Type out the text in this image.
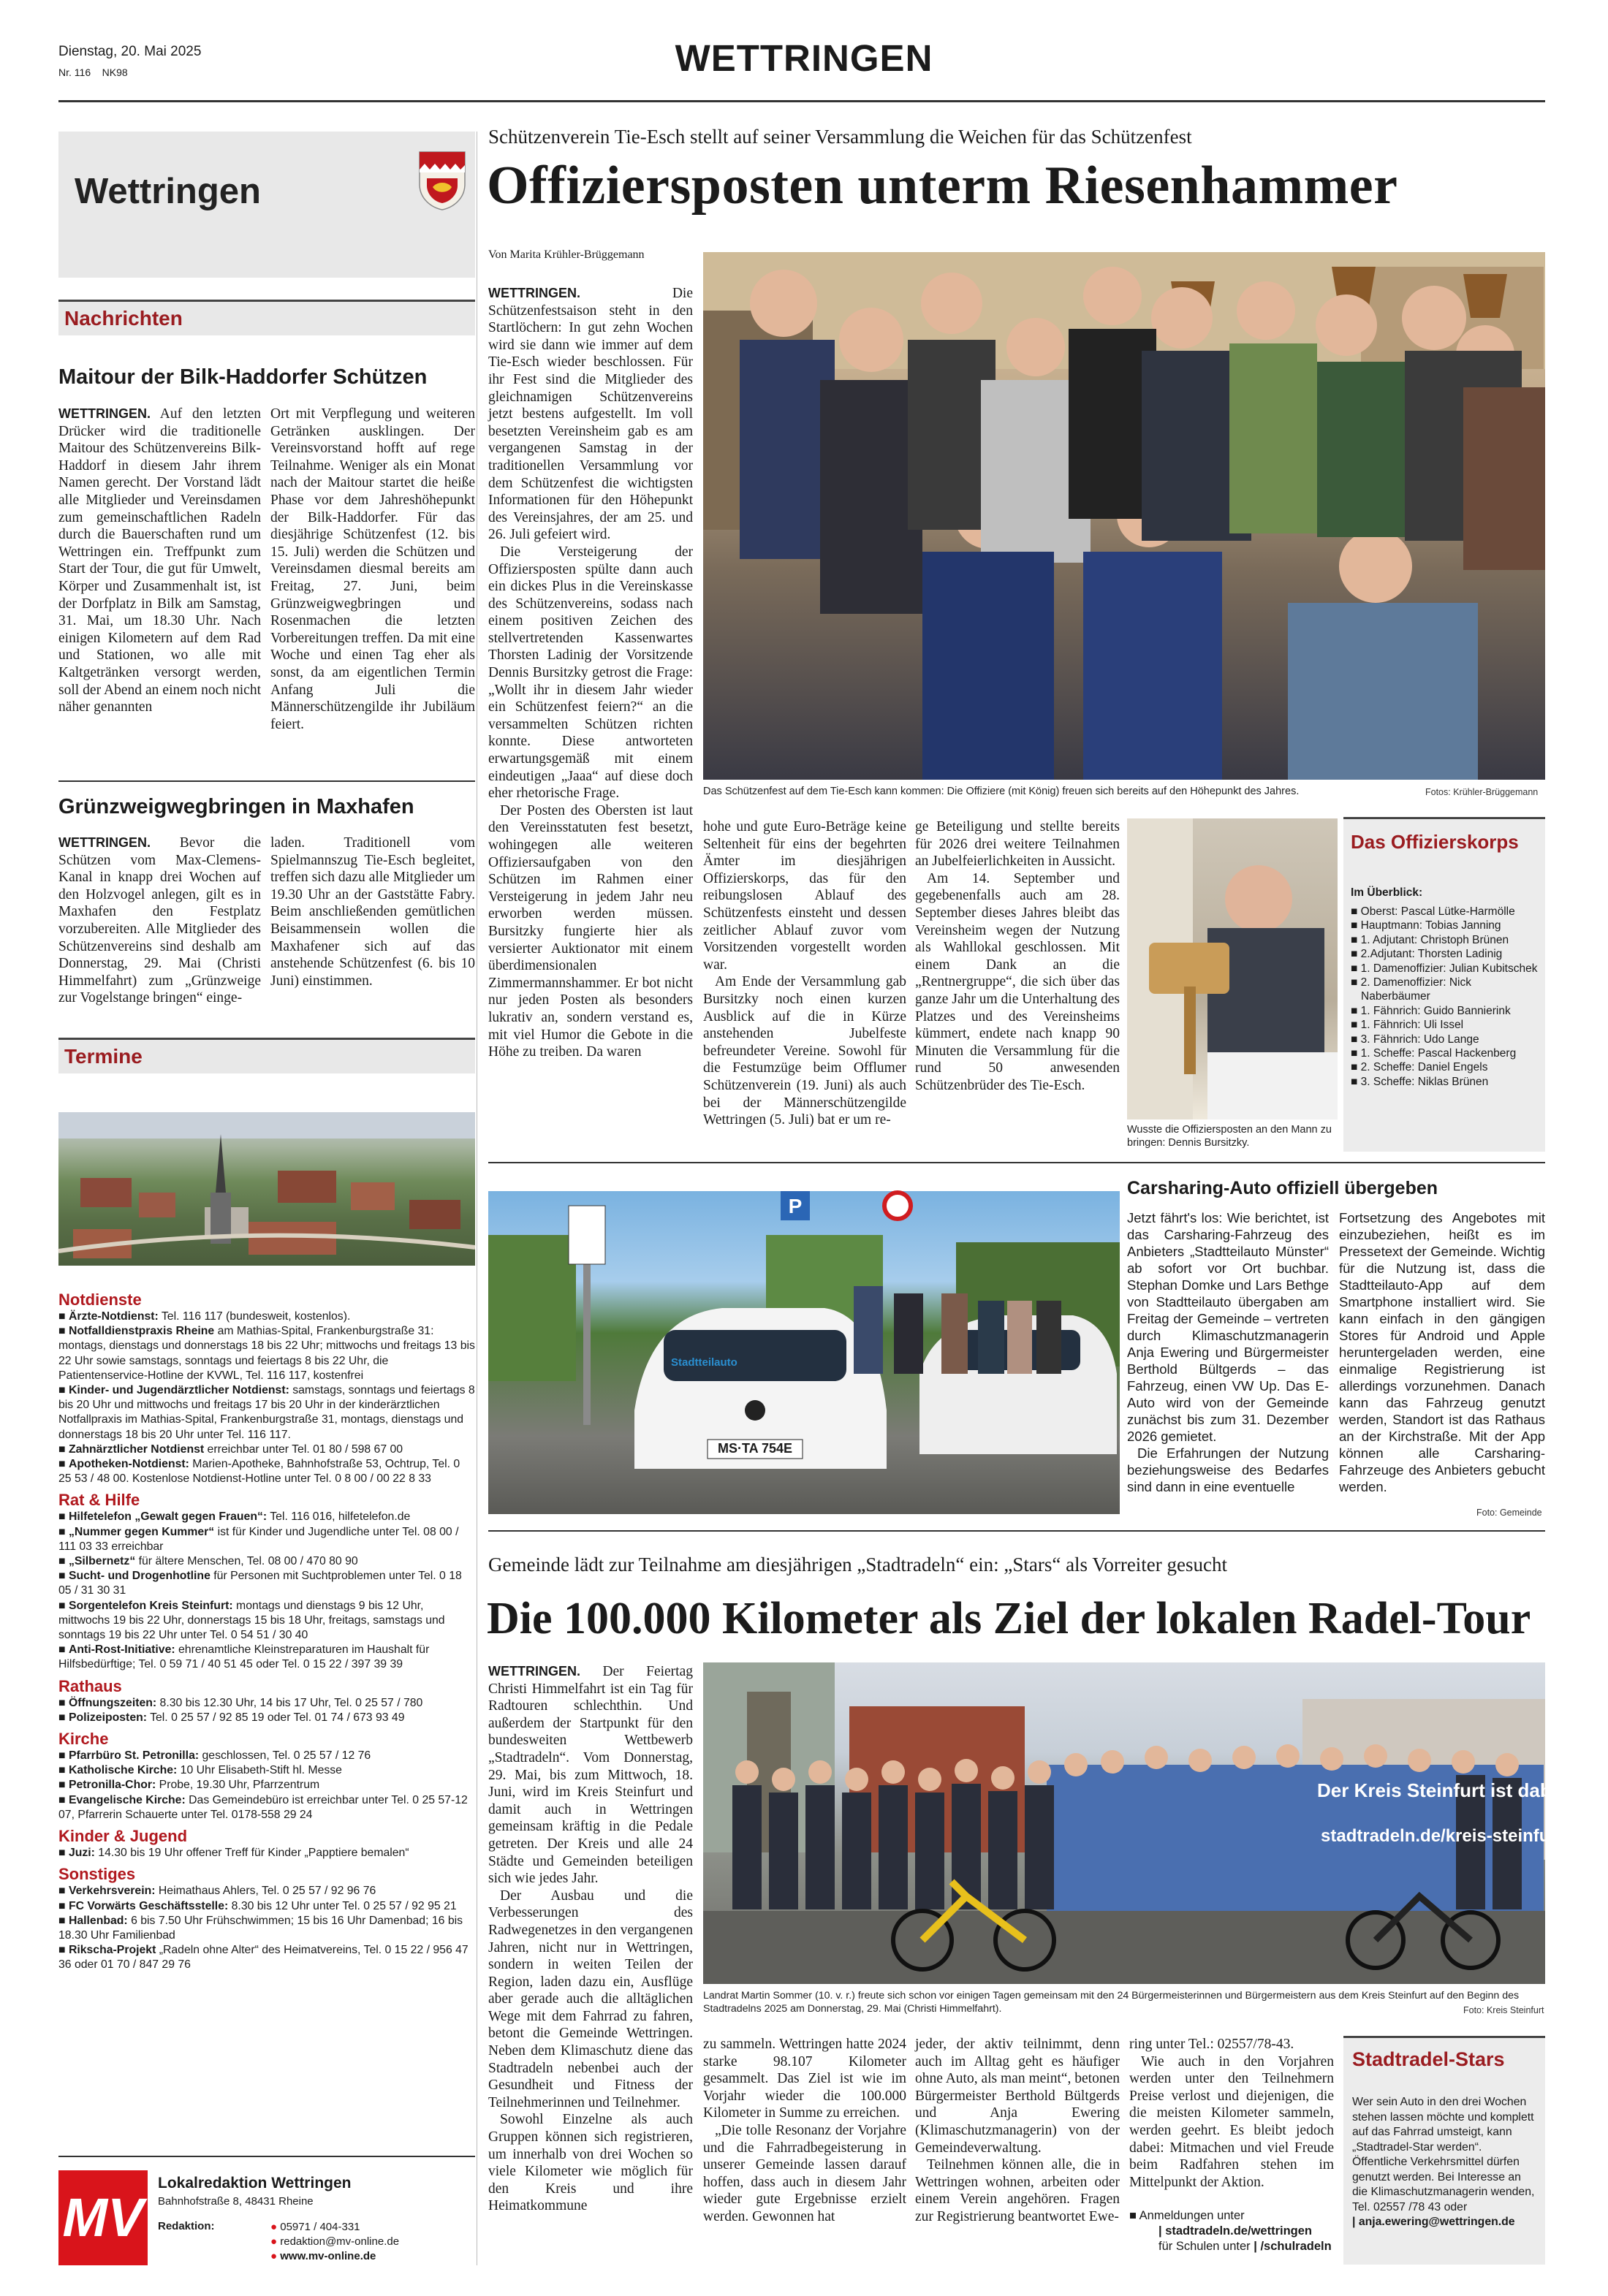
Dienstag, 20. Mai 2025
Nr. 116 NK98	WETTRINGEN
Wettringen
Nachrichten
Maitour der Bilk-Haddorfer Schützen

WETTRINGEN. Auf den letzten Drücker wird die traditionelle Maitour des Schützenvereins Bilk-Haddorf in diesem Jahr ihrem Namen gerecht. Der Vorstand lädt alle Mitglieder und Vereinsdamen zum gemeinschaftlichen Radeln durch die Bauerschaften rund um Wettringen ein. Treffpunkt zum Start der Tour, die gut für Umwelt, Körper und Zusammenhalt ist, ist der Dorfplatz in Bilk am Samstag, 31. Mai, um 18.30 Uhr. Nach einigen Kilometern auf dem Rad und Stationen, wo alle mit Kaltgetränken versorgt werden, soll der Abend an einem noch nicht näher genannten

Ort mit Verpflegung und weiteren Getränken ausklingen. Der Vereinsvorstand hofft auf rege Teilnahme. Weniger als ein Monat nach der Maitour startet die heiße Phase vor dem Jahreshöhepunkt der Bilk-Haddorfer. Für das diesjährige Schützenfest (12. bis 15. Juli) werden die Schützen und Vereinsdamen diesmal bereits am Freitag, 27. Juni, beim Grünzweigwegbringen und Rosenmachen die letzten Vorbereitungen treffen. Da mit eine Woche und einen Tag eher als sonst, da am eigentlichen Termin Anfang Juli die Männerschützengilde ihr Jubiläum feiert.

Grünzweigwegbringen in Maxhafen

WETTRINGEN. Bevor die Schützen vom Max-Clemens-Kanal in knapp drei Wochen auf den Holzvogel anlegen, gilt es in Maxhafen den Festplatz vorzubereiten. Alle Mitglieder des Schützenvereins sind deshalb am Donnerstag, 29. Mai (Christi Himmelfahrt) zum „Grünzweige zur Vogelstange bringen“ einge-

laden. Traditionell vom Spielmannszug Tie-Esch begleitet, treffen sich dazu alle Mitglieder um 19.30 Uhr an der Gaststätte Fabry. Beim anschließenden gemütlichen Beisammensein wollen die Maxhafener sich auf das anstehende Schützenfest (6. bis 10 Juni) einstimmen.

Termine
Notdienste

■ Ärzte-Notdienst: Tel. 116 117 (bundesweit, kostenlos).

■ Notfalldienstpraxis Rheine am Mathias-Spital, Frankenburgstraße 31: montags, dienstags und donnerstags 18 bis 22 Uhr; mittwochs und freitags 13 bis 22 Uhr sowie samstags, sonntags und feiertags 8 bis 22 Uhr, die Patientenservice-Hotline der KVWL, Tel. 116 117, kostenfrei

■ Kinder- und Jugendärztlicher Notdienst: samstags, sonntags und feiertags 8 bis 20 Uhr und mittwochs und freitags 17 bis 20 Uhr in der kinderärztlichen Notfallpraxis im Mathias-Spital, Frankenburgstraße 31, montags, dienstags und donnerstags 18 bis 20 Uhr unter Tel. 116 117.

■ Zahnärztlicher Notdienst erreichbar unter Tel. 01 80 / 598 67 00

■ Apotheken-Notdienst: Marien-Apotheke, Bahnhofstraße 53, Ochtrup, Tel. 0 25 53 / 48 00. Kostenlose Notdienst-Hotline unter Tel. 0 8 00 / 00 22 8 33

Rat & Hilfe

■ Hilfetelefon „Gewalt gegen Frauen“: Tel. 116 016, hilfetelefon.de

■ „Nummer gegen Kummer“ ist für Kinder und Jugendliche unter Tel. 08 00 / 111 03 33 erreichbar

■ „Silbernetz“ für ältere Menschen, Tel. 08 00 / 470 80 90

■ Sucht- und Drogenhotline für Personen mit Suchtproblemen unter Tel. 0 18 05 / 31 30 31

■ Sorgentelefon Kreis Steinfurt: montags und dienstags 9 bis 12 Uhr, mittwochs 19 bis 22 Uhr, donnerstags 15 bis 18 Uhr, freitags, samstags und sonntags 19 bis 22 Uhr unter Tel. 0 54 51 / 30 40

■ Anti-Rost-Initiative: ehrenamtliche Kleinstreparaturen im Haushalt für Hilfsbedürftige; Tel. 0 59 71 / 40 51 45 oder Tel. 0 15 22 / 397 39 39

Rathaus

■ Öffnungszeiten: 8.30 bis 12.30 Uhr, 14 bis 17 Uhr, Tel. 0 25 57 / 780

■ Polizeiposten: Tel. 0 25 57 / 92 85 19 oder Tel. 01 74 / 673 93 49

Kirche

■ Pfarrbüro St. Petronilla: geschlossen, Tel. 0 25 57 / 12 76

■ Katholische Kirche: 10 Uhr Elisabeth-Stift hl. Messe

■ Petronilla-Chor: Probe, 19.30 Uhr, Pfarrzentrum

■ Evangelische Kirche: Das Gemeindebüro ist erreichbar unter Tel. 0 25 57-12 07, Pfarrerin Schauerte unter Tel. 0178-558 29 24

Kinder & Jugend

■ Juzi: 14.30 bis 19 Uhr offener Treff für Kinder „Papptiere bemalen“

Sonstiges

■ Verkehrsverein: Heimathaus Ahlers, Tel. 0 25 57 / 92 96 76

■ FC Vorwärts Geschäftsstelle: 8.30 bis 12 Uhr unter Tel. 0 25 57 / 92 95 21

■ Hallenbad: 6 bis 7.50 Uhr Frühschwimmen; 15 bis 16 Uhr Damenbad; 16 bis 18.30 Uhr Familienbad

■ Rikscha-Projekt „Radeln ohne Alter“ des Heimatvereins, Tel. 0 15 22 / 956 47 36 oder 01 70 / 847 29 76

MV
Lokalredaktion Wettringen
Bahnhofstraße 8, 48431 Rheine
Redaktion:	● 05971 / 404-331
● redaktion@mv-online.de
● www.mv-online.de
Schützenverein Tie-Esch stellt auf seiner Versammlung die Weichen für das Schützenfest
Offiziersposten unterm Riesenhammer
Von Marita Krühler-Brüggemann
Das Schützenfest auf dem Tie-Esch kann kommen: Die Offiziere (mit König) freuen sich bereits auf den Höhepunkt des Jahres.	Fotos: Krühler-Brüggemann

WETTRINGEN.	Die Schützenfestsaison steht in den Startlöchern: In gut zehn Wochen wird sie dann wie immer auf dem Tie-Esch wieder beschlossen. Für ihr Fest sind die Mitglieder des gleichnamigen Schützenvereins jetzt bestens aufgestellt. Im voll besetzten Vereinsheim gab es am vergangenen Samstag in der traditionellen Versammlung vor dem Schützenfest die wichtigsten Informationen für den Höhepunkt des Vereinsjahres, der am 25. und 26. Juli gefeiert wird.

Die Versteigerung der Offiziersposten spülte dann auch ein dickes Plus in die Vereinskasse des Schützenvereins, sodass nach einem positiven Zeichen des stellvertretenden Kassenwartes Thorsten Ladinig der Vorsitzende Dennis Bursitzky getrost die Frage: „Wollt ihr in diesem Jahr wieder ein Schützenfest feiern?“ an die versammelten Schützen richten konnte. Diese antworteten erwartungsgemäß mit einem eindeutigen „Jaaa“ auf diese doch eher rhetorische Frage.

Der Posten des Obersten ist laut den Vereinsstatuten fest besetzt, wohingegen alle weiteren Offiziersaufgaben von den Schützen im Rahmen einer Versteigerung in jedem Jahr neu erworben werden müssen. Bursitzky fungierte hier als versierter Auktionator mit einem überdimensionalen Zimmermannshammer. Er bot nicht nur jeden Posten als besonders lukrativ an, sondern verstand es, mit viel Humor die Gebote in die Höhe zu treiben. Da waren

hohe und gute Euro-Beträge keine Seltenheit für eins der begehrten Ämter im diesjährigen Offizierskorps, das für den reibungslosen Ablauf des Schützenfests einsteht und dessen zeitlicher Ablauf zuvor vom Vorsitzenden vorgestellt worden war.

Am Ende der Versammlung gab Bursitzky noch einen kurzen Ausblick auf die in Kürze anstehenden Jubelfeste befreundeter Vereine. Sowohl für die Festumzüge beim Offlumer Schützenverein (19. Juni) als auch bei der Männerschützengilde Wettringen (5. Juli) bat er um re-

ge Beteiligung und stellte bereits für 2026 drei weitere Teilnahmen an Jubelfeierlichkeiten in Aussicht.

Am 14. September und gegebenenfalls auch am 28. September dieses Jahres bleibt das Vereinsheim wegen der Nutzung als Wahllokal geschlossen. Mit einem Dank an die „Rentnergruppe“, die sich über das ganze Jahr um die Unterhaltung des Platzes und des Vereinsheims kümmert, endete nach knapp 90 Minuten die Versammlung für die rund 50 anwesenden Schützenbrüder des Tie-Esch.

Wusste die Offiziersposten an den Mann zu bringen: Dennis Bursitzky.
Das Offizierskorps
Im Überblick:
■ Oberst: Pascal Lütke-Harmölle
■ Hauptmann: Tobias Janning
■ 1. Adjutant: Christoph Brünen
■ 2.Adjutant: Thorsten Ladinig
■ 1. Damenoffizier: Julian Kubitschek
■ 2. Damenoffizier: Nick Naberbäumer
■ 1. Fähnrich: Guido Bannierink
■ 1. Fähnrich: Uli Issel
■ 3. Fähnrich: Udo Lange
■ 1. Scheffe: Pascal Hackenberg
■ 2. Scheffe: Daniel Engels
■ 3. Scheffe: Niklas Brünen
P
Stadtteilauto
MS·TA 754E
Carsharing-Auto offiziell übergeben

Jetzt fährt's los: Wie berichtet, ist das Carsharing-Fahrzeug des Anbieters „Stadtteilauto Münster“ ab sofort vor Ort buchbar. Stephan Domke und Lars Bethge von Stadtteilauto übergaben am Freitag der Gemeinde – vertreten durch Klimaschutzmanagerin Anja Ewering und Bürgermeister Berthold Bültgerds – das Fahrzeug, einen VW Up. Das E-Auto wird von der Gemeinde zunächst bis zum 31. Dezember 2026 gemietet.

Die Erfahrungen der Nutzung beziehungsweise des Bedarfes sind dann in eine eventuelle

Fortsetzung des Angebotes mit einzubeziehen, heißt es im Pressetext der Gemeinde. Wichtig für die Nutzung ist, dass die Stadtteilauto-App auf dem Smartphone installiert wird. Sie kann einfach in den gängigen Stores für Android und Apple heruntergeladen werden, eine einmalige Registrierung ist allerdings vorzunehmen. Danach kann das Fahrzeug genutzt werden, Standort ist das Rathaus an der Kirchstraße. Mit der App können alle Carsharing-Fahrzeuge des Anbieters gebucht werden.

Foto: Gemeinde
Gemeinde lädt zur Teilnahme am diesjährigen „Stadtradeln“ ein: „Stars“ als Vorreiter gesucht
Die 100.000 Kilometer als Ziel der lokalen Radel-Tour
Der Kreis Steinfurt ist dabei!
stadtradeln.de/kreis-steinfurt
Landrat Martin Sommer (10. v. r.) freute sich schon vor einigen Tagen gemeinsam mit den 24 Bürgermeisterinnen und Bürgermeistern aus dem Kreis Steinfurt auf den Beginn des Stadtradelns 2025 am Donnerstag, 29. Mai (Christi Himmelfahrt).	Foto: Kreis Steinfurt

WETTRINGEN. Der Feiertag Christi Himmelfahrt ist ein Tag für Radtouren schlechthin. Und außerdem der Startpunkt für den bundesweiten Wettbewerb „Stadtradeln“. Vom Donnerstag, 29. Mai, bis zum Mittwoch, 18. Juni, wird im Kreis Steinfurt und damit auch in Wettringen gemeinsam kräftig in die Pedale getreten. Der Kreis und alle 24 Städte und Gemeinden beteiligen sich wie jedes Jahr.

Der Ausbau und die Verbesserungen des Radwegenetzes in den vergangenen Jahren, nicht nur in Wettringen, sondern in weiten Teilen der Region, laden dazu ein, Ausflüge aber gerade auch die alltäglichen Wege mit dem Fahrrad zu fahren, betont die Gemeinde Wettringen. Neben dem Klimaschutz diene das Stadtradeln nebenbei auch der Gesundheit und Fitness der Teilnehmerinnen und Teilnehmer.

Sowohl Einzelne als auch Gruppen können sich registrieren, um innerhalb von drei Wochen so viele Kilometer wie möglich für den Kreis und ihre Heimatkommune

zu sammeln. Wettringen hatte 2024 starke 98.107 Kilometer gesammelt. Das Ziel ist wie im Vorjahr wieder die 100.000 Kilometer in Summe zu erreichen.

„Die tolle Resonanz der Vorjahre und die Fahrradbegeisterung in unserer Gemeinde lassen darauf hoffen, dass auch in diesem Jahr wieder gute Ergebnisse erzielt werden. Gewonnen hat

jeder, der aktiv teilnimmt, denn auch im Alltag geht es häufiger ohne Auto, als man meint“, betonen Bürgermeister Berthold Bültgerds und Anja Ewering (Klimaschutzmanagerin) von der Gemeindeverwaltung.

Teilnehmen können alle, die in Wettringen wohnen, arbeiten oder einem Verein angehören. Fragen zur Registrierung beantwortet Ewe-

ring unter Tel.: 02557/78-43.

Wie auch in den Vorjahren werden unter den Teilnehmern Preise verlost und diejenigen, die die meisten Kilometer sammeln, werden geehrt. Es bleibt jedoch dabei: Mitmachen und viel Freude beim Radfahren stehen im Mittelpunkt der Aktion.

■ Anmeldungen unter
| stadtradeln.de/wettringen
für Schulen unter | /schulradeln
Stadtradel-Stars
Wer sein Auto in den drei Wochen stehen lassen möchte und komplett auf das Fahrrad umsteigt, kann „Stadtradel-Star werden“. Öffentliche Verkehrsmittel dürfen genutzt werden. Bei Interesse an die Klimaschutzmanagerin wenden, Tel. 02557 /78 43 oder
| anja.ewering@wettringen.de
